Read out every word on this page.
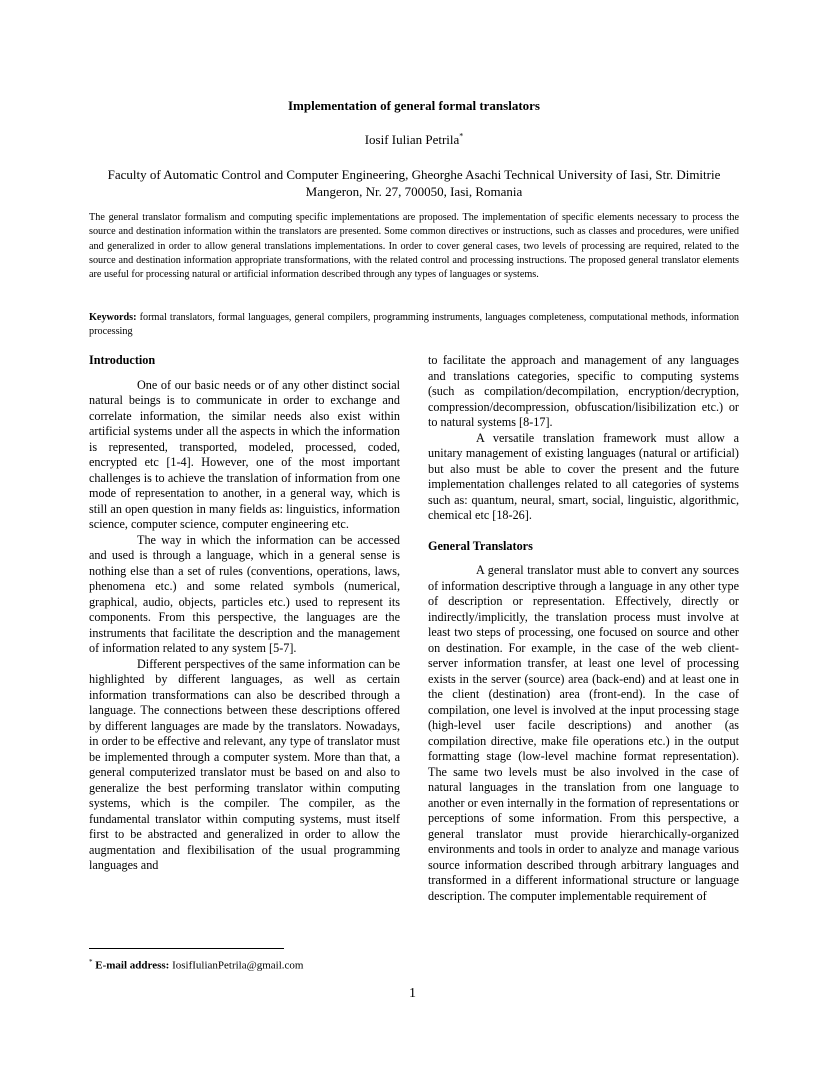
Implementation of general formal translators
Iosif Iulian Petrila*
Faculty of Automatic Control and Computer Engineering, Gheorghe Asachi Technical University of Iasi, Str. Dimitrie Mangeron, Nr. 27, 700050, Iasi, Romania
The general translator formalism and computing specific implementations are proposed. The implementation of specific elements necessary to process the source and destination information within the translators are presented. Some common directives or instructions, such as classes and procedures, were unified and generalized in order to allow general translations implementations. In order to cover general cases, two levels of processing are required, related to the source and destination information appropriate transformations, with the related control and processing instructions. The proposed general translator elements are useful for processing natural or artificial information described through any types of languages or systems.
Keywords: formal translators, formal languages, general compilers, programming instruments, languages completeness, computational methods, information processing
Introduction

One of our basic needs or of any other distinct social natural beings is to communicate in order to exchange and correlate information, the similar needs also exist within artificial systems under all the aspects in which the information is represented, transported, modeled, processed, coded, encrypted etc [1-4]. However, one of the most important challenges is to achieve the translation of information from one mode of representation to another, in a general way, which is still an open question in many fields as: linguistics, information science, computer science, computer engineering etc.

The way in which the information can be accessed and used is through a language, which in a general sense is nothing else than a set of rules (conventions, operations, laws, phenomena etc.) and some related symbols (numerical, graphical, audio, objects, particles etc.) used to represent its components. From this perspective, the languages are the instruments that facilitate the description and the management of information related to any system [5-7].

Different perspectives of the same information can be highlighted by different languages, as well as certain information transformations can also be described through a language. The connections between these descriptions offered by different languages are made by the translators. Nowadays, in order to be effective and relevant, any type of translator must be implemented through a computer system. More than that, a general computerized translator must be based on and also to generalize the best performing translator within computing systems, which is the compiler. The compiler, as the fundamental translator within computing systems, must itself first to be abstracted and generalized in order to allow the augmentation and flexibilisation of the usual programming languages and

to facilitate the approach and management of any languages and translations categories, specific to computing systems (such as compilation/decompilation, encryption/decryption, compression/decompression, obfuscation/lisibilization etc.) or to natural systems [8-17].

A versatile translation framework must allow a unitary management of existing languages (natural or artificial) but also must be able to cover the present and the future implementation challenges related to all categories of systems such as: quantum, neural, smart, social, linguistic, algorithmic, chemical etc [18-26].

General Translators

A general translator must able to convert any sources of information descriptive through a language in any other type of description or representation. Effectively, directly or indirectly/implicitly, the translation process must involve at least two steps of processing, one focused on source and other on destination. For example, in the case of the web client-server information transfer, at least one level of processing exists in the server (source) area (back-end) and at least one in the client (destination) area (front-end). In the case of compilation, one level is involved at the input processing stage (high-level user facile descriptions) and another (as compilation directive, make file operations etc.) in the output formatting stage (low-level machine format representation). The same two levels must be also involved in the case of natural languages in the translation from one language to another or even internally in the formation of representations or perceptions of some information. From this perspective, a general translator must provide hierarchically-organized environments and tools in order to analyze and manage various source information described through arbitrary languages and transformed in a different informational structure or language description. The computer implementable requirement of

* E-mail address: IosifIulianPetrila@gmail.com
1
